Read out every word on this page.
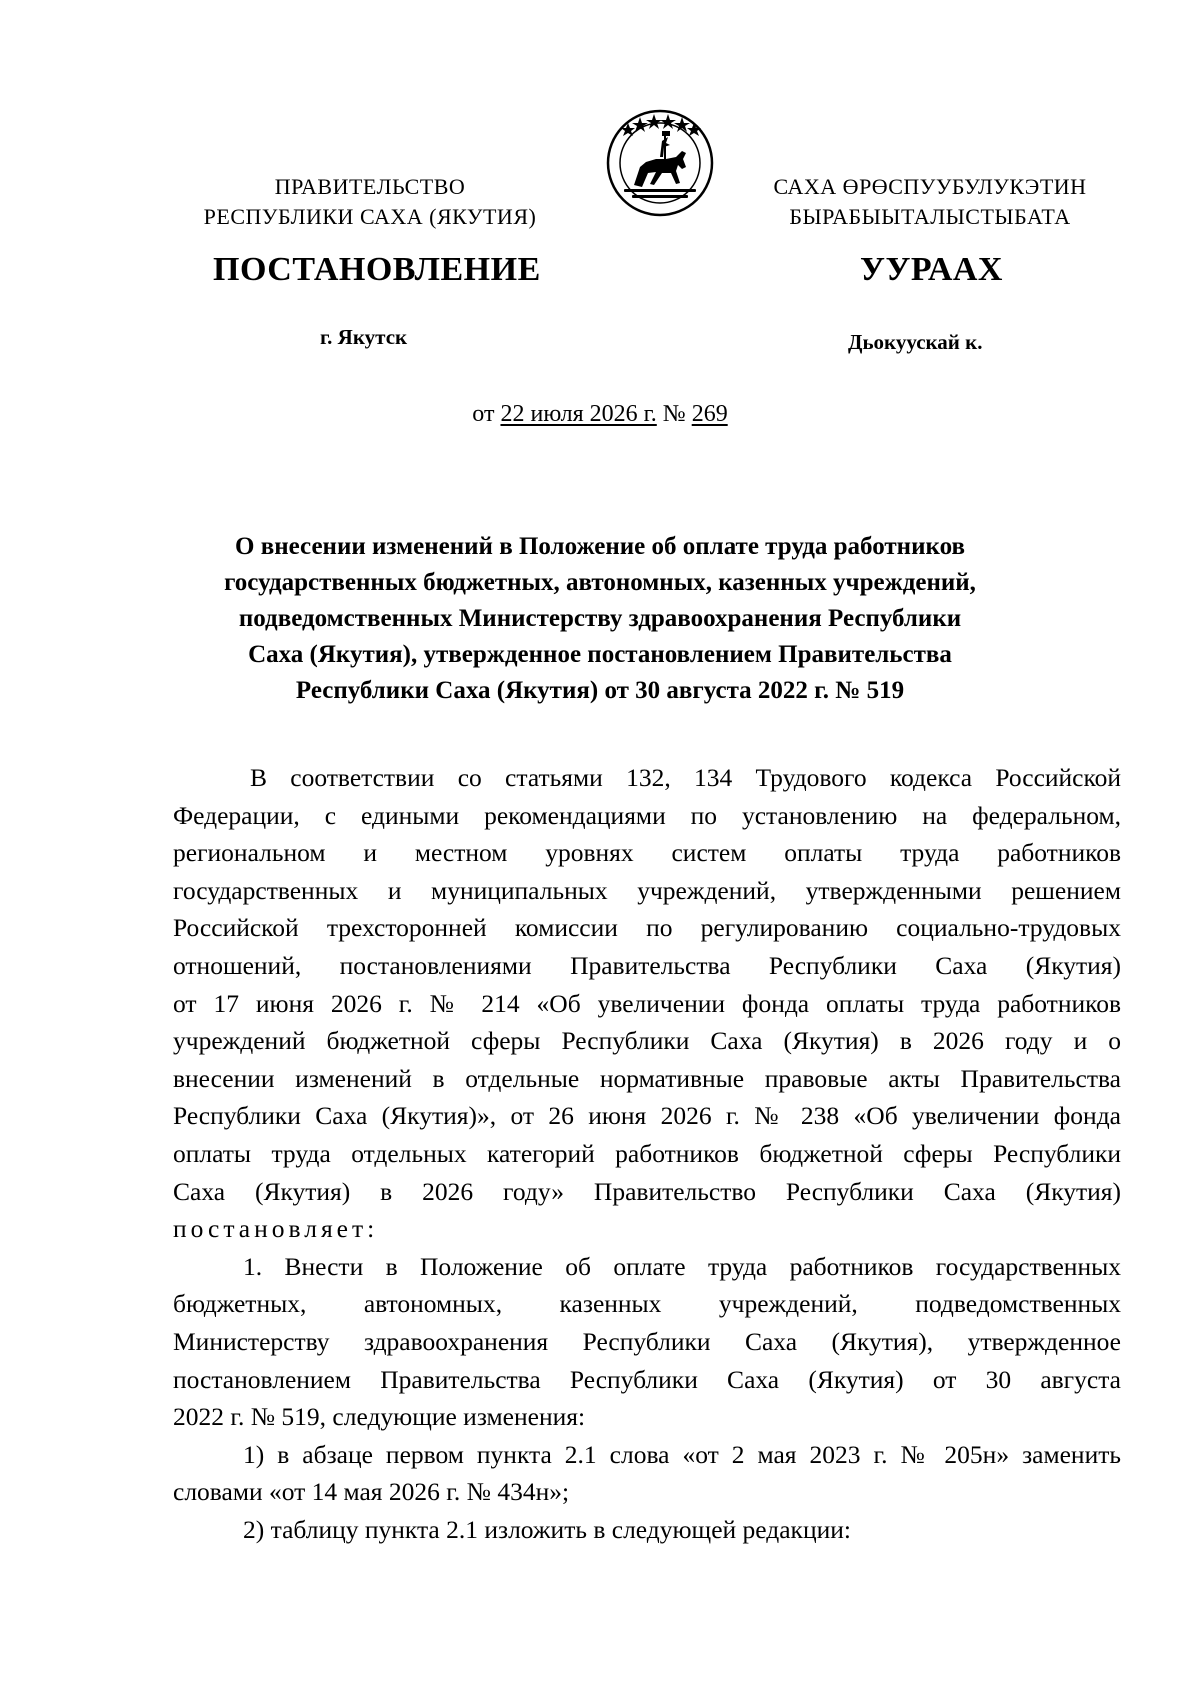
ПРАВИТЕЛЬСТВО
РЕСПУБЛИКИ САХА (ЯКУТИЯ)
САХА ӨРӨСПУУБУЛУКЭТИН
БЫРАБЫЫТАЛЫСТЫБАТА
ПОСТАНОВЛЕНИЕ	УУРААХ
г. Якутск	Дьокуускай к.
от 22 июля 2026 г. № 269
О внесении изменений в Положение об оплате труда работников
государственных бюджетных, автономных, казенных учреждений,
подведомственных Министерству здравоохранения Республики
Саха (Якутия), утвержденное постановлением Правительства
Республики Саха (Якутия) от 30 августа 2022 г. № 519
В соответствии со статьями 132, 134 Трудового кодекса Российской
Федерации, с едиными рекомендациями по установлению на федеральном,
региональном и местном уровнях систем оплаты труда работников
государственных и муниципальных учреждений, утвержденными решением
Российской трехсторонней комиссии по регулированию социально-трудовых
отношений, постановлениями Правительства Республики Саха (Якутия)
от 17 июня 2026 г. № 214 «Об увеличении фонда оплаты труда работников
учреждений бюджетной сферы Республики Саха (Якутия) в 2026 году и о
внесении изменений в отдельные нормативные правовые акты Правительства
Республики Саха (Якутия)», от 26 июня 2026 г. № 238 «Об увеличении фонда
оплаты труда отдельных категорий работников бюджетной сферы Республики
Саха (Якутия) в 2026 году» Правительство Республики Саха (Якутия)
постановляет:
1. Внести в Положение об оплате труда работников государственных
бюджетных, автономных, казенных учреждений, подведомственных
Министерству здравоохранения Республики Саха (Якутия), утвержденное
постановлением Правительства Республики Саха (Якутия) от 30 августа
2022 г. № 519, следующие изменения:
1) в абзаце первом пункта 2.1 слова «от 2 мая 2023 г. № 205н» заменить
словами «от 14 мая 2026 г. № 434н»;
2) таблицу пункта 2.1 изложить в следующей редакции:
